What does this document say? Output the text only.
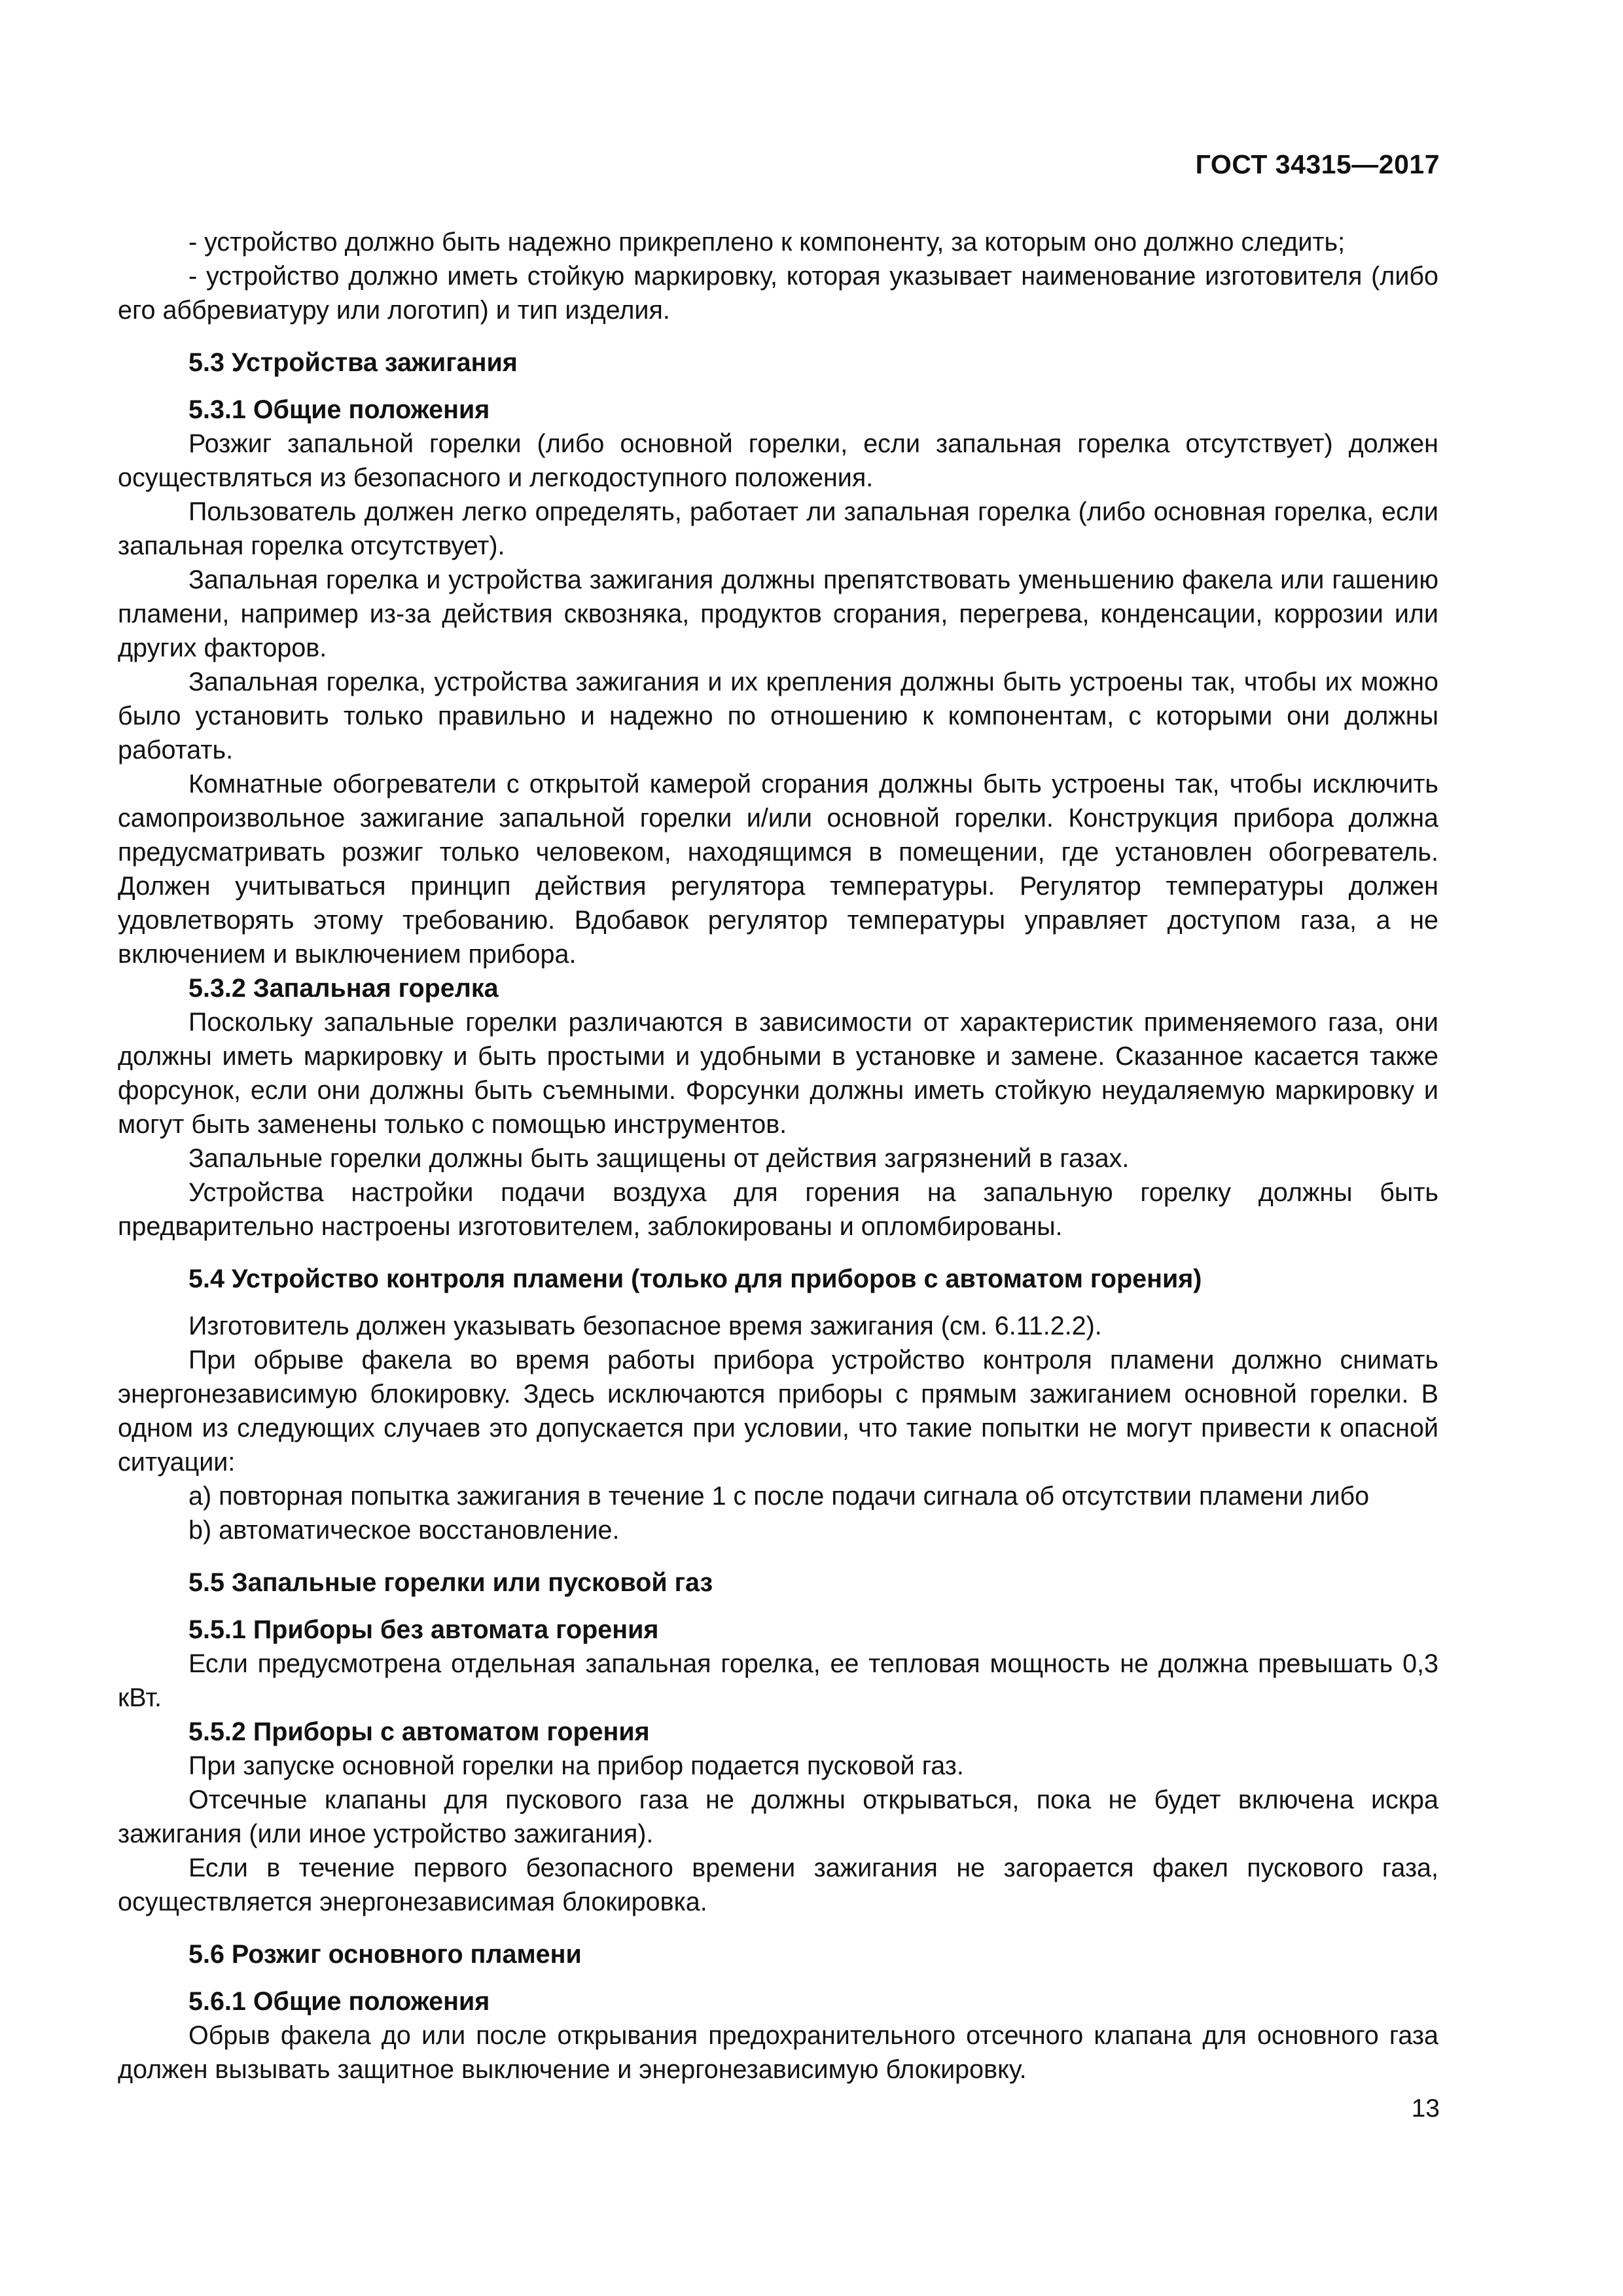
ГОСТ 34315—2017

- устройство должно быть надежно прикреплено к компоненту, за которым оно должно следить;

- устройство должно иметь стойкую маркировку, которая указывает наименование изготовителя (либо его аббревиатуру или логотип) и тип изделия.

5.3 Устройства зажигания

5.3.1 Общие положения

Розжиг запальной горелки (либо основной горелки, если запальная горелка отсутствует) должен осуществляться из безопасного и легкодоступного положения.

Пользователь должен легко определять, работает ли запальная горелка (либо основная горелка, если запальная горелка отсутствует).

Запальная горелка и устройства зажигания должны препятствовать уменьшению факела или гашению пламени, например из-за действия сквозняка, продуктов сгорания, перегрева, конденсации, коррозии или других факторов.

Запальная горелка, устройства зажигания и их крепления должны быть устроены так, чтобы их можно было установить только правильно и надежно по отношению к компонентам, с которыми они должны работать.

Комнатные обогреватели с открытой камерой сгорания должны быть устроены так, чтобы исключить самопроизвольное зажигание запальной горелки и/или основной горелки. Конструкция прибора должна предусматривать розжиг только человеком, находящимся в помещении, где установлен обогреватель. Должен учитываться принцип действия регулятора температуры. Регулятор температуры должен удовлетворять этому требованию. Вдобавок регулятор температуры управляет доступом газа, а не включением и выключением прибора.

5.3.2 Запальная горелка

Поскольку запальные горелки различаются в зависимости от характеристик применяемого газа, они должны иметь маркировку и быть простыми и удобными в установке и замене. Сказанное касается также форсунок, если они должны быть съемными. Форсунки должны иметь стойкую неудаляемую маркировку и могут быть заменены только с помощью инструментов.

Запальные горелки должны быть защищены от действия загрязнений в газах.

Устройства настройки подачи воздуха для горения на запальную горелку должны быть предварительно настроены изготовителем, заблокированы и опломбированы.

5.4 Устройство контроля пламени (только для приборов с автоматом горения)

Изготовитель должен указывать безопасное время зажигания (см. 6.11.2.2).

При обрыве факела во время работы прибора устройство контроля пламени должно снимать энергонезависимую блокировку. Здесь исключаются приборы с прямым зажиганием основной горелки. В одном из следующих случаев это допускается при условии, что такие попытки не могут привести к опасной ситуации:

a) повторная попытка зажигания в течение 1 с после подачи сигнала об отсутствии пламени либо

b) автоматическое восстановление.

5.5 Запальные горелки или пусковой газ

5.5.1 Приборы без автомата горения

Если предусмотрена отдельная запальная горелка, ее тепловая мощность не должна превышать 0,3 кВт.

5.5.2 Приборы с автоматом горения

При запуске основной горелки на прибор подается пусковой газ.

Отсечные клапаны для пускового газа не должны открываться, пока не будет включена искра зажигания (или иное устройство зажигания).

Если в течение первого безопасного времени зажигания не загорается факел пускового газа, осуществляется энергонезависимая блокировка.

5.6 Розжиг основного пламени

5.6.1 Общие положения

Обрыв факела до или после открывания предохранительного отсечного клапана для основного газа должен вызывать защитное выключение и энергонезависимую блокировку.

13
